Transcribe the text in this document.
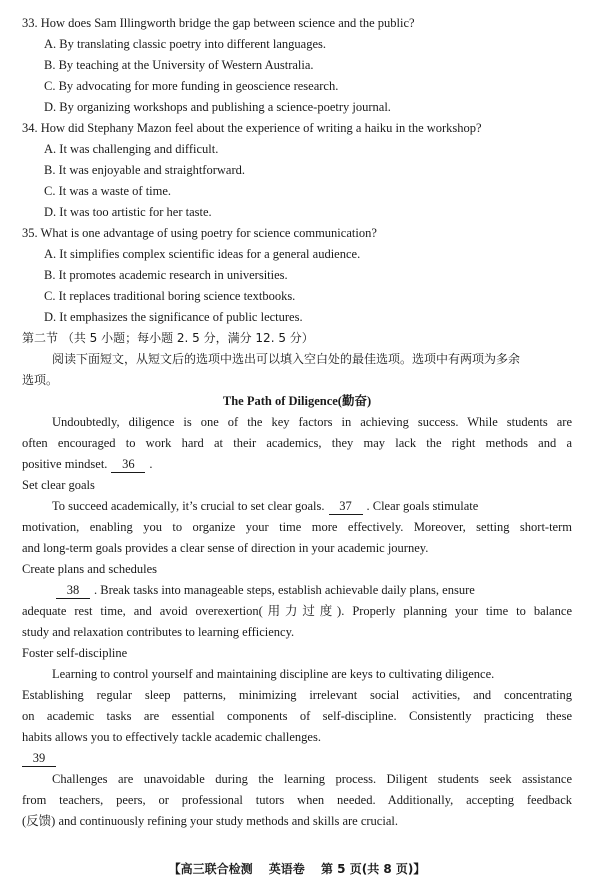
33. How does Sam Illingworth bridge the gap between science and the public?
A. By translating classic poetry into different languages.
B. By teaching at the University of Western Australia.
C. By advocating for more funding in geoscience research.
D. By organizing workshops and publishing a science-poetry journal.
34. How did Stephany Mazon feel about the experience of writing a haiku in the workshop?
A. It was challenging and difficult.
B. It was enjoyable and straightforward.
C. It was a waste of time.
D. It was too artistic for her taste.
35. What is one advantage of using poetry for science communication?
A. It simplifies complex scientific ideas for a general audience.
B. It promotes academic research in universities.
C. It replaces traditional boring science textbooks.
D. It emphasizes the significance of public lectures.
第二节 （共 5 小题；每小题 2. 5 分，满分 12. 5 分）
阅读下面短文，从短文后的选项中选出可以填入空白处的最佳选项。选项中有两项为多余
选项。
The Path of Diligence(勤奋)
Undoubtedly, diligence is one of the key factors in achieving success. While students are
often encouraged to work hard at their academics, they may lack the right methods and a
positive mindset. 36 .
Set clear goals
To succeed academically, it’s crucial to set clear goals. 37 . Clear goals stimulate
motivation, enabling you to organize your time more effectively. Moreover, setting short-term
and long-term goals provides a clear sense of direction in your academic journey.
Create plans and schedules
38 . Break tasks into manageable steps, establish achievable daily plans, ensure
adequate rest time, and avoid overexertion(用力过度). Properly planning your time to balance
study and relaxation contributes to learning efficiency.
Foster self-discipline
Learning to control yourself and maintaining discipline are keys to cultivating diligence.
Establishing regular sleep patterns, minimizing irrelevant social activities, and concentrating
on academic tasks are essential components of self-discipline. Consistently practicing these
habits allows you to effectively tackle academic challenges.
39
Challenges are unavoidable during the learning process. Diligent students seek assistance
from teachers, peers, or professional tutors when needed. Additionally, accepting feedback
(反馈) and continuously refining your study methods and skills are crucial.
【高三联合检测 英语卷 第 5 页(共 8 页)】
